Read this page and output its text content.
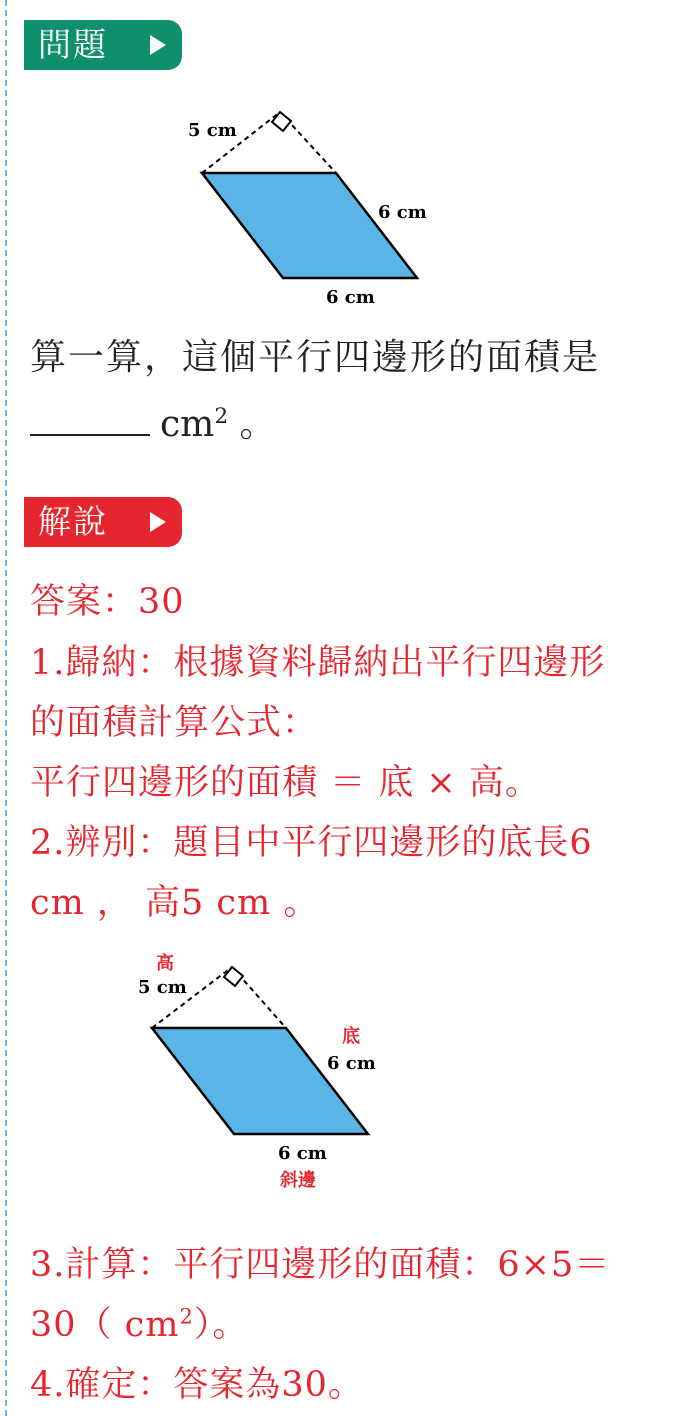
問題
5 cm
6 cm
6 cm
算一算，這個平行四邊形的面積是
$cm^2$ 。
解說
答案：30
1.歸納：根據資料歸納出平行四邊形
的面積計算公式：
平行四邊形的面積 ＝ 底 × 高。
2.辨別：題目中平行四邊形的底長6
cm ， 高5 cm 。
高
5 cm
底
6 cm
6 cm
斜邊
3.計算：平行四邊形的面積：6×5＝
30（ $cm^2$）。
4.確定：答案為30。
